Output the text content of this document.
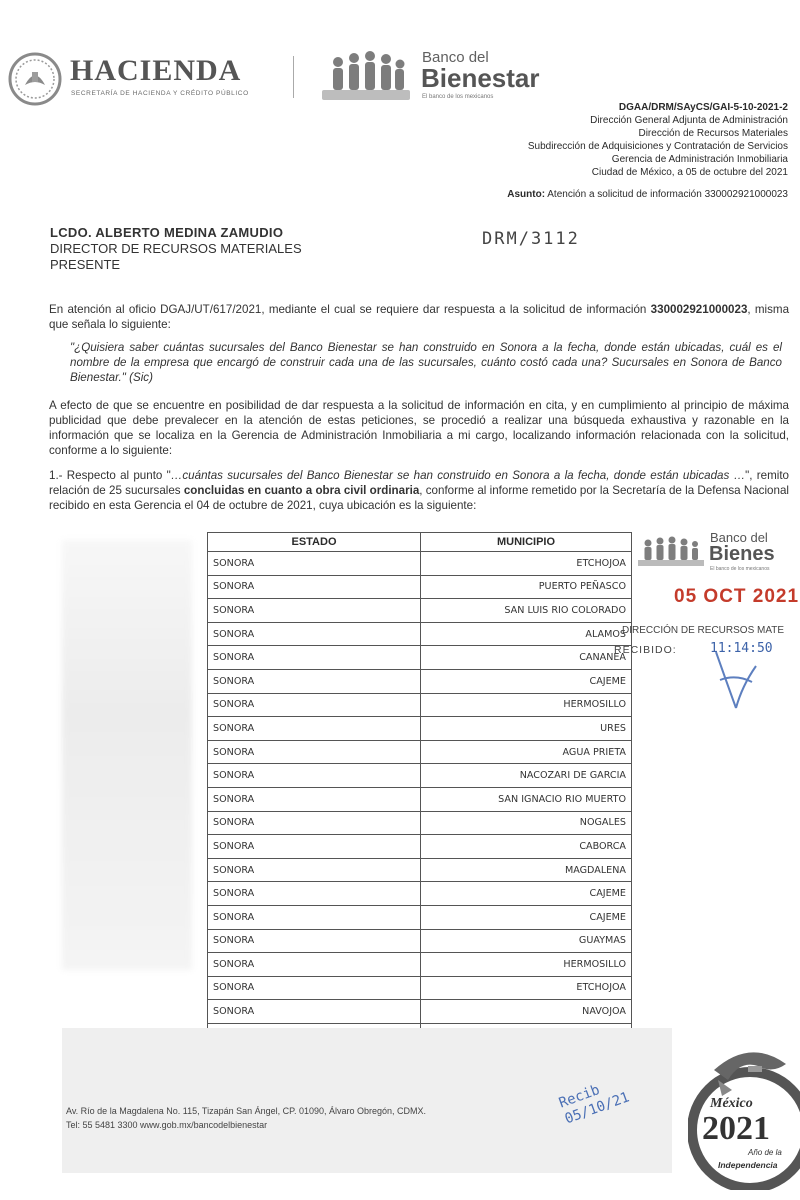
HACIENDA
SECRETARÍA DE HACIENDA Y CRÉDITO PÚBLICO
Banco del
Bienestar
El banco de los mexicanos
DGAA/DRM/SAyCS/GAI-5-10-2021-2
Dirección General Adjunta de Administración
Dirección de Recursos Materiales
Subdirección de Adquisiciones y Contratación de Servicios
Gerencia de Administración Inmobiliaria
Ciudad de México, a 05 de octubre del 2021
Asunto: Atención a solicitud de información 330002921000023
LCDO. ALBERTO MEDINA ZAMUDIO
DIRECTOR DE RECURSOS MATERIALES
PRESENTE
DRM/3112
En atención al oficio DGAJ/UT/617/2021, mediante el cual se requiere dar respuesta a la solicitud de información 330002921000023, misma que señala lo siguiente:
"¿Quisiera saber cuántas sucursales del Banco Bienestar se han construido en Sonora a la fecha, donde están ubicadas, cuál es el nombre de la empresa que encargó de construir cada una de las sucursales, cuánto costó cada una? Sucursales en Sonora de Banco Bienestar." (Sic)
A efecto de que se encuentre en posibilidad de dar respuesta a la solicitud de información en cita, y en cumplimiento al principio de máxima publicidad que debe prevalecer en la atención de estas peticiones, se procedió a realizar una búsqueda exhaustiva y razonable en la información que se localiza en la Gerencia de Administración Inmobiliaria a mi cargo, localizando información relacionada con la solicitud, conforme a lo siguiente:
1.- Respecto al punto "…cuántas sucursales del Banco Bienestar se han construido en Sonora a la fecha, donde están ubicadas …", remito relación de 25 sucursales concluidas en cuanto a obra civil ordinaria, conforme al informe remetido por la Secretaría de la Defensa Nacional recibido en esta Gerencia el 04 de octubre de 2021, cuya ubicación es la siguiente:
ESTADO	MUNICIPIO
SONORA	ETCHOJOA
SONORA	PUERTO PEÑASCO
SONORA	SAN LUIS RIO COLORADO
SONORA	ALAMOS
SONORA	CANANEA
SONORA	CAJEME
SONORA	HERMOSILLO
SONORA	URES
SONORA	AGUA PRIETA
SONORA	NACOZARI DE GARCIA
SONORA	SAN IGNACIO RIO MUERTO
SONORA	NOGALES
SONORA	CABORCA
SONORA	MAGDALENA
SONORA	CAJEME
SONORA	CAJEME
SONORA	GUAYMAS
SONORA	HERMOSILLO
SONORA	ETCHOJOA
SONORA	NAVOJOA

Banco del
Bienes
El banco de los mexicanos
05 OCT 2021
DIRECCIÓN DE RECURSOS MATE
RECIBIDO:	11:14:50
Av. Río de la Magdalena No. 115, Tizapán San Ángel, CP. 01090, Álvaro Obregón, CDMX.
Tel: 55 5481 3300 www.gob.mx/bancodelbienestar
Recib 05/10/21	México
2021
Año de la
Independencia
